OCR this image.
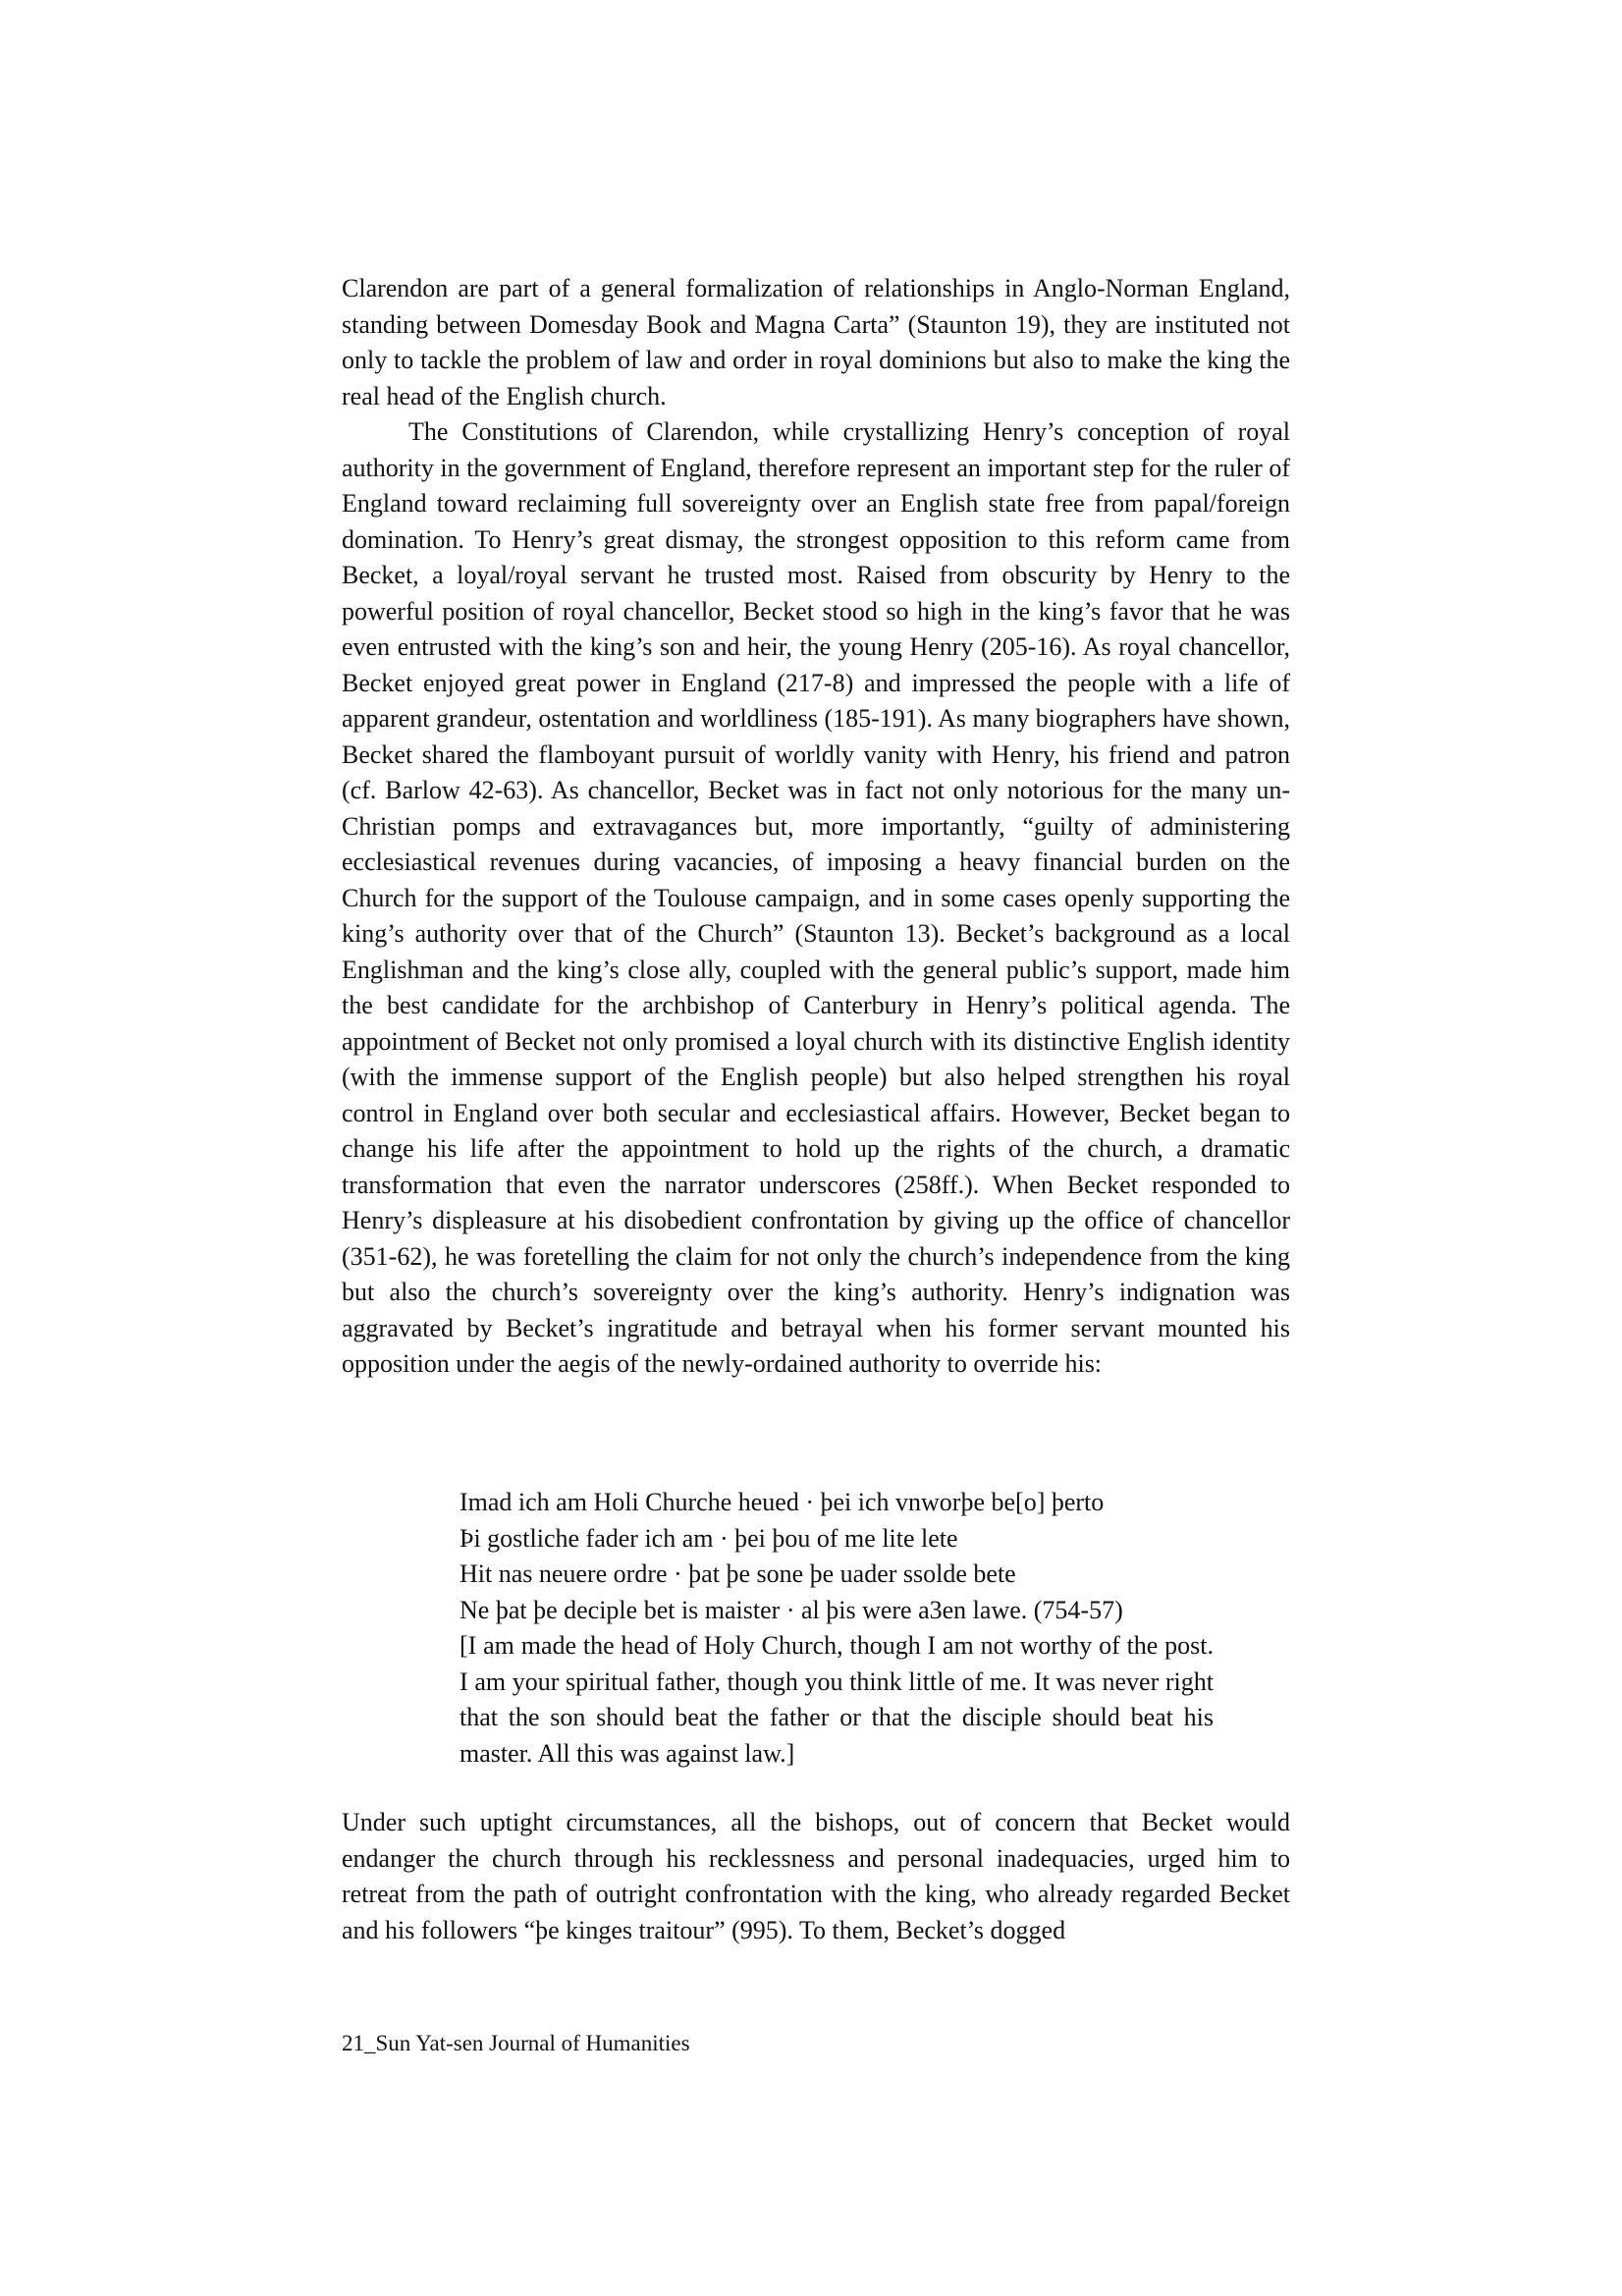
Clarendon are part of a general formalization of relationships in Anglo-Norman England, standing between Domesday Book and Magna Carta” (Staunton 19), they are instituted not only to tackle the problem of law and order in royal dominions but also to make the king the real head of the English church.

The Constitutions of Clarendon, while crystallizing Henry’s conception of royal authority in the government of England, therefore represent an important step for the ruler of England toward reclaiming full sovereignty over an English state free from papal/foreign domination. To Henry’s great dismay, the strongest opposition to this reform came from Becket, a loyal/royal servant he trusted most. Raised from obscurity by Henry to the powerful position of royal chancellor, Becket stood so high in the king’s favor that he was even entrusted with the king’s son and heir, the young Henry (205-16). As royal chancellor, Becket enjoyed great power in England (217-8) and impressed the people with a life of apparent grandeur, ostentation and worldliness (185-191). As many biographers have shown, Becket shared the flamboyant pursuit of worldly vanity with Henry, his friend and patron (cf. Barlow 42-63). As chancellor, Becket was in fact not only notorious for the many un-Christian pomps and extravagances but, more importantly, “guilty of administering ecclesiastical revenues during vacancies, of imposing a heavy financial burden on the Church for the support of the Toulouse campaign, and in some cases openly supporting the king’s authority over that of the Church” (Staunton 13). Becket’s background as a local Englishman and the king’s close ally, coupled with the general public’s support, made him the best candidate for the archbishop of Canterbury in Henry’s political agenda. The appointment of Becket not only promised a loyal church with its distinctive English identity (with the immense support of the English people) but also helped strengthen his royal control in England over both secular and ecclesiastical affairs. However, Becket began to change his life after the appointment to hold up the rights of the church, a dramatic transformation that even the narrator underscores (258ff.). When Becket responded to Henry’s displeasure at his disobedient confrontation by giving up the office of chancellor (351-62), he was foretelling the claim for not only the church’s independence from the king but also the church’s sovereignty over the king’s authority. Henry’s indignation was aggravated by Becket’s ingratitude and betrayal when his former servant mounted his opposition under the aegis of the newly-ordained authority to override his:

Imad ich am Holi Churche heued · þei ich vnworþe be[o] þerto
Þi gostliche fader ich am · þei þou of me lite lete
Hit nas neuere ordre · þat þe sone þe uader ssolde bete
Ne þat þe deciple bet is maister · al þis were a3en lawe. (754-57)

[I am made the head of Holy Church, though I am not worthy of the post. I am your spiritual father, though you think little of me. It was never right that the son should beat the father or that the disciple should beat his master. All this was against law.]

Under such uptight circumstances, all the bishops, out of concern that Becket would endanger the church through his recklessness and personal inadequacies, urged him to retreat from the path of outright confrontation with the king, who already regarded Becket and his followers “þe kinges traitour” (995). To them, Becket’s dogged

21_Sun Yat-sen Journal of Humanities
